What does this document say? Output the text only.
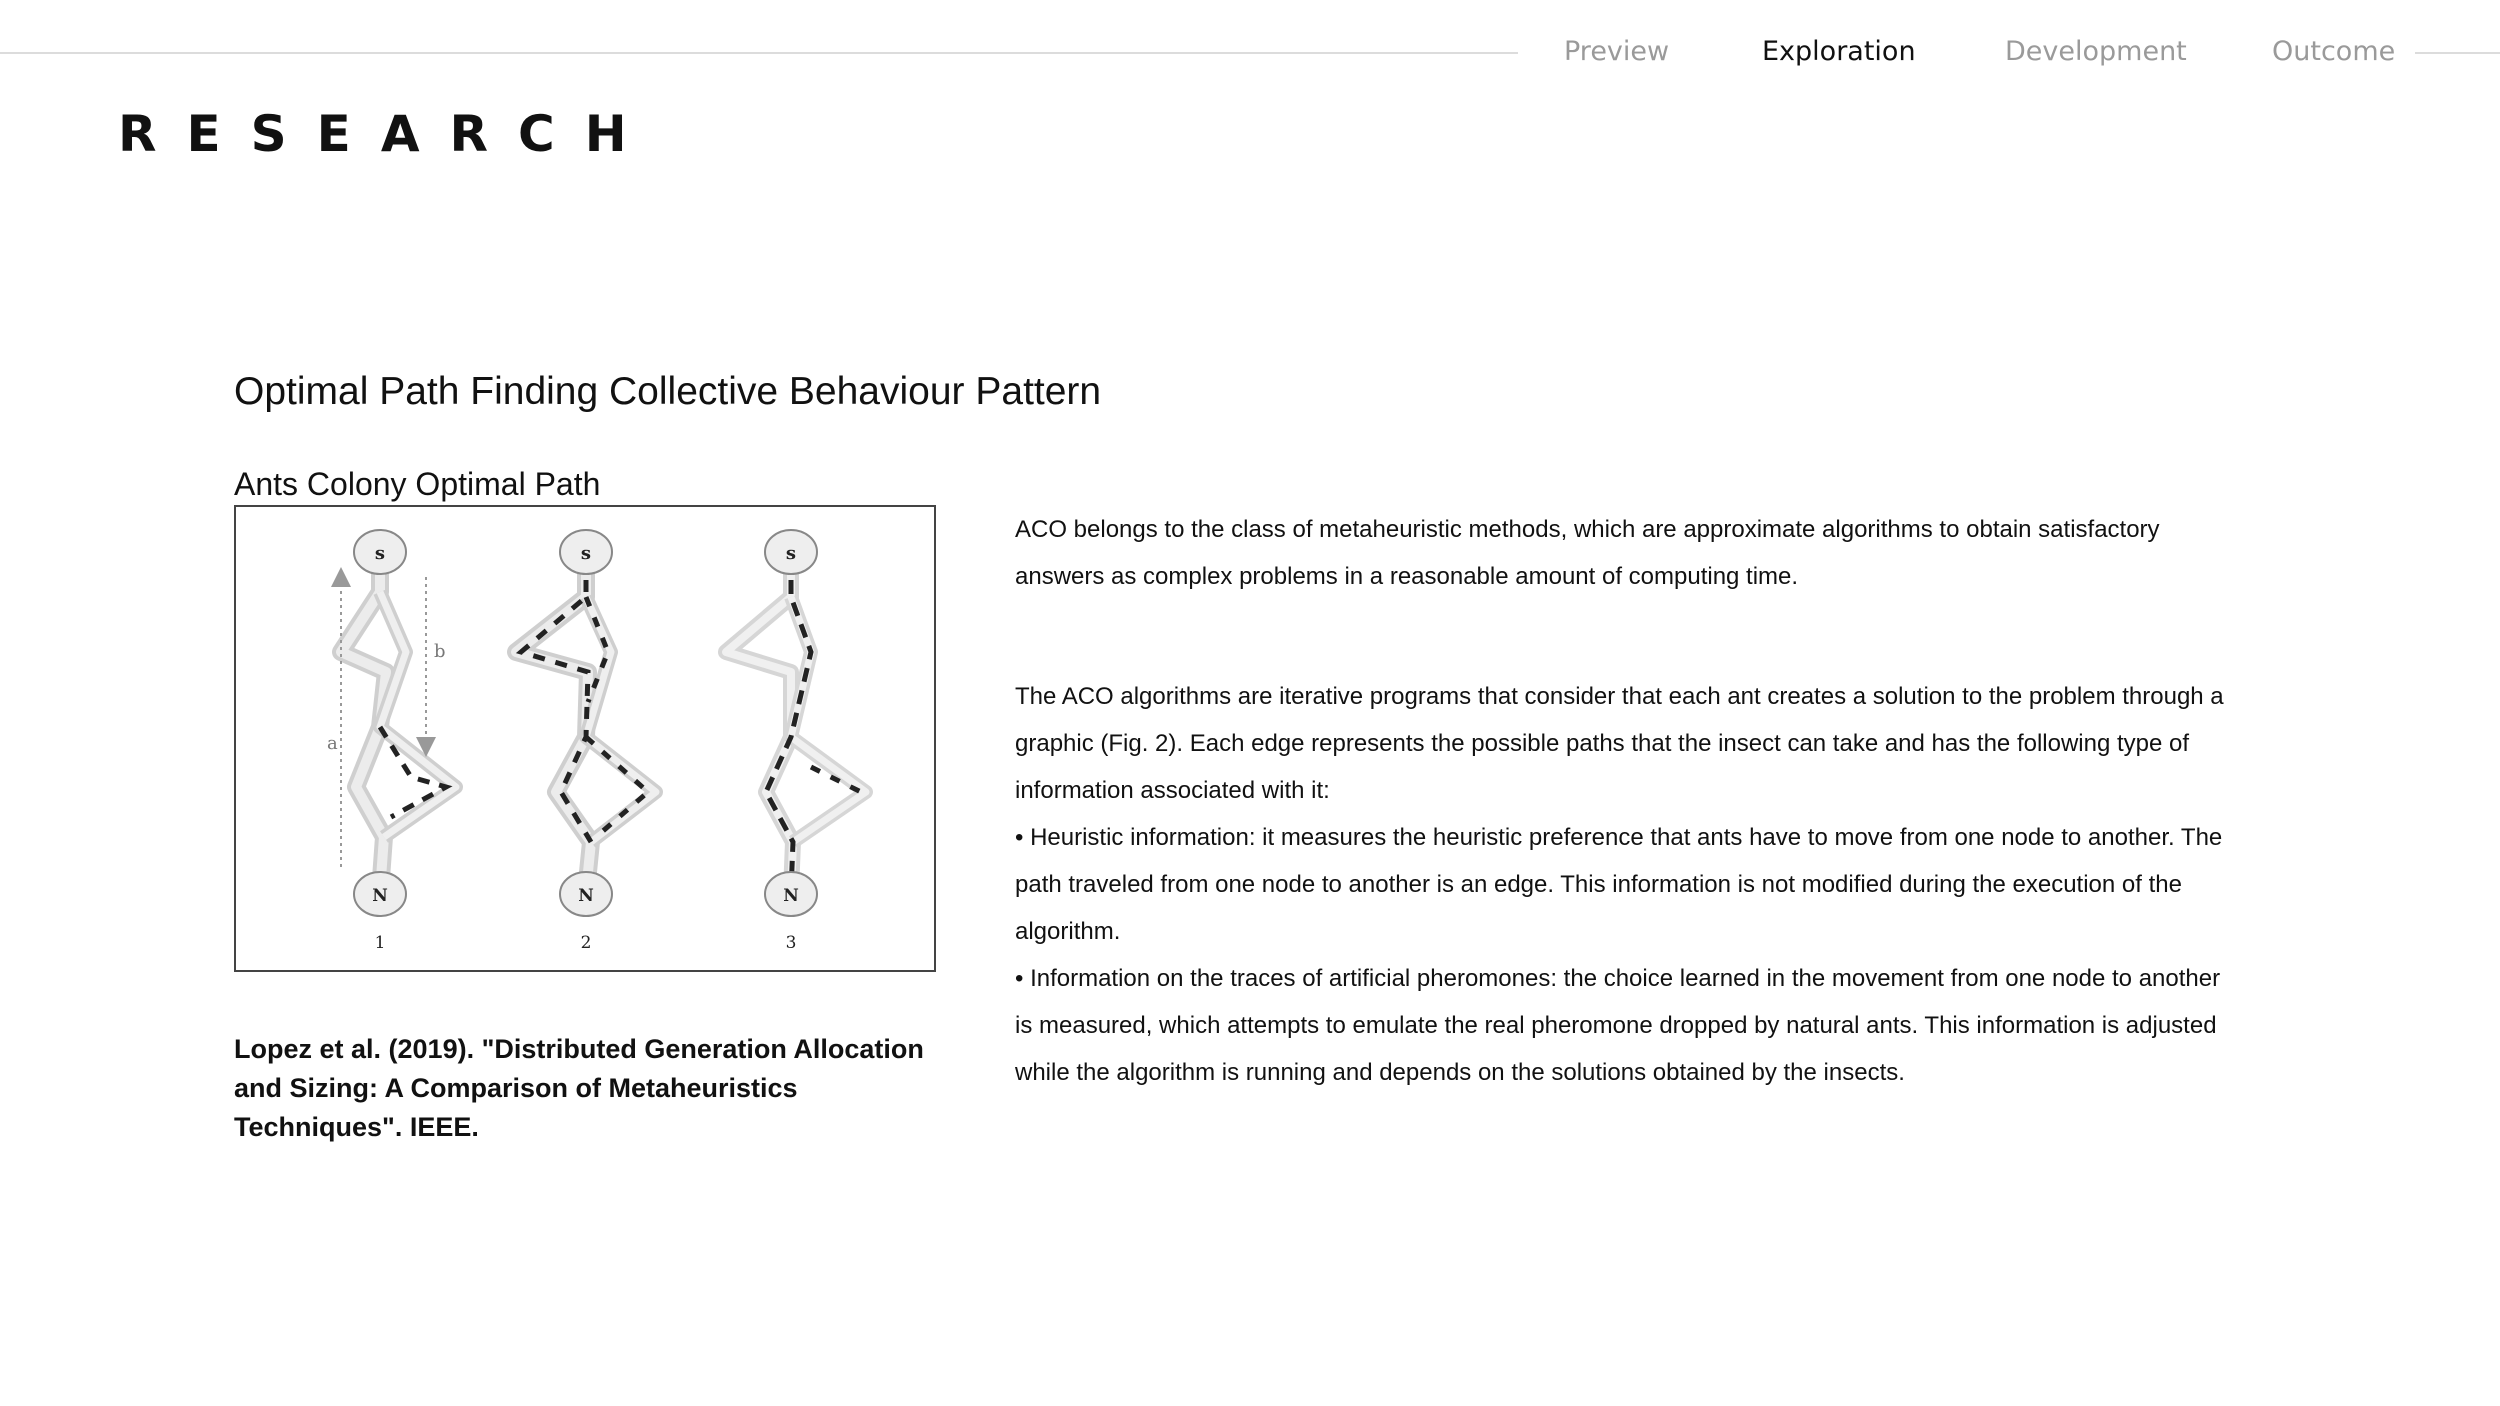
Preview	Exploration	Development	Outcome
RESEARCH
Optimal Path Finding Collective Behaviour Pattern
Ants Colony Optimal Path
a
b
s	s	s
N	N	N
1	2	3

Lopez et al. (2019). "Distributed Generation Allocation

and Sizing: A Comparison of Metaheuristics

Techniques". IEEE.

ACO belongs to the class of metaheuristic methods, which are approximate algorithms to obtain satisfactory

answers as complex problems in a reasonable amount of computing time.

The ACO algorithms are iterative programs that consider that each ant creates a solution to the problem through a

graphic (Fig. 2). Each edge represents the possible paths that the insect can take and has the following type of

information associated with it:

• Heuristic information: it measures the heuristic preference that ants have to move from one node to another. The

path traveled from one node to another is an edge. This information is not modified during the execution of the

algorithm.

• Information on the traces of artificial pheromones: the choice learned in the movement from one node to another

is measured, which attempts to emulate the real pheromone dropped by natural ants. This information is adjusted

while the algorithm is running and depends on the solutions obtained by the insects.
